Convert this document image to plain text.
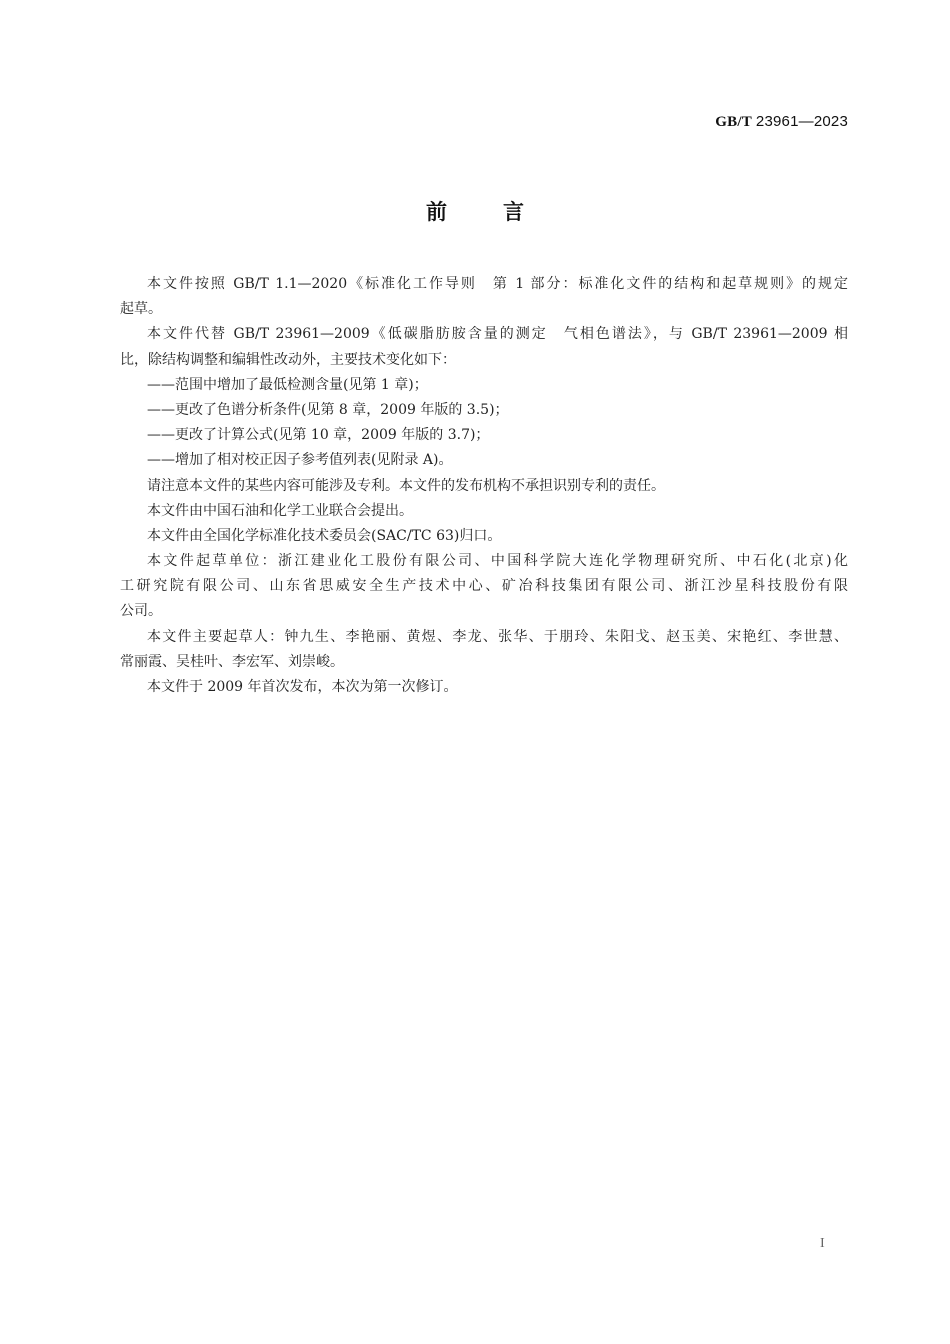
GB/T 23961—2023
前言
本文件按照 GB/T 1.1—2020《标准化工作导则　第 1 部分：标准化文件的结构和起草规则》的规定
起草。
本文件代替 GB/T 23961—2009《低碳脂肪胺含量的测定　气相色谱法》，与 GB/T 23961—2009 相
比，除结构调整和编辑性改动外，主要技术变化如下：
——范围中增加了最低检测含量(见第 1 章)；
——更改了色谱分析条件(见第 8 章，2009 年版的 3.5)；
——更改了计算公式(见第 10 章，2009 年版的 3.7)；
——增加了相对校正因子参考值列表(见附录 A)。
请注意本文件的某些内容可能涉及专利。本文件的发布机构不承担识别专利的责任。
本文件由中国石油和化学工业联合会提出。
本文件由全国化学标准化技术委员会(SAC/TC 63)归口。
本文件起草单位：浙江建业化工股份有限公司、中国科学院大连化学物理研究所、中石化(北京)化
工研究院有限公司、山东省思威安全生产技术中心、矿冶科技集团有限公司、浙江沙星科技股份有限
公司。
本文件主要起草人：钟九生、李艳丽、黄煜、李龙、张华、于朋玲、朱阳戈、赵玉美、宋艳红、李世慧、
常丽霞、吴桂叶、李宏军、刘崇峻。
本文件于 2009 年首次发布，本次为第一次修订。
I
